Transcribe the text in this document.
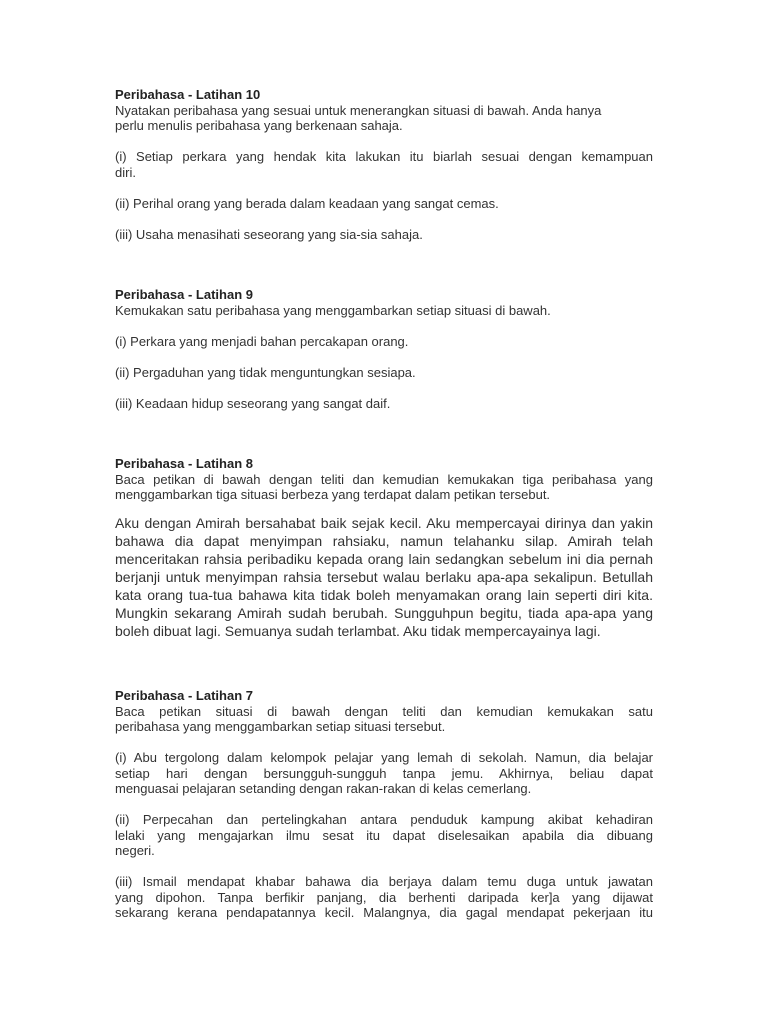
Peribahasa - Latihan 10

Nyatakan peribahasa yang sesuai untuk menerangkan situasi di bawah. Anda hanya

perlu menulis peribahasa yang berkenaan sahaja.

(i) Setiap perkara yang hendak kita lakukan itu biarlah sesuai dengan kemampuan

diri.

(ii) Perihal orang yang berada dalam keadaan yang sangat cemas.

(iii) Usaha menasihati seseorang yang sia-sia sahaja.

Peribahasa - Latihan 9

Kemukakan satu peribahasa yang menggambarkan setiap situasi di bawah.

(i) Perkara yang menjadi bahan percakapan orang.

(ii) Pergaduhan yang tidak menguntungkan sesiapa.

(iii) Keadaan hidup seseorang yang sangat daif.

Peribahasa - Latihan 8

Baca petikan di bawah dengan teliti dan kemudian kemukakan tiga peribahasa yang

menggambarkan tiga situasi berbeza yang terdapat dalam petikan tersebut.

Aku dengan Amirah bersahabat baik sejak kecil. Aku mempercayai dirinya dan yakin

bahawa dia dapat menyimpan rahsiaku, namun telahanku silap. Amirah telah

menceritakan rahsia peribadiku kepada orang lain sedangkan sebelum ini dia pernah

berjanji untuk menyimpan rahsia tersebut walau berlaku apa-apa sekalipun. Betullah

kata orang tua-tua bahawa kita tidak boleh menyamakan orang lain seperti diri kita.

Mungkin sekarang Amirah sudah berubah. Sungguhpun begitu, tiada apa-apa yang

boleh dibuat lagi. Semuanya sudah terlambat. Aku tidak mempercayainya lagi.

Peribahasa - Latihan 7

Baca petikan situasi di bawah dengan teliti dan kemudian kemukakan satu

peribahasa yang menggambarkan setiap situasi tersebut.

(i) Abu tergolong dalam kelompok pelajar yang lemah di sekolah. Namun, dia belajar

setiap hari dengan bersungguh-sungguh tanpa jemu. Akhirnya, beliau dapat

menguasai pelajaran setanding dengan rakan-rakan di kelas cemerlang.

(ii) Perpecahan dan pertelingkahan antara penduduk kampung akibat kehadiran

lelaki yang mengajarkan ilmu sesat itu dapat diselesaikan apabila dia dibuang

negeri.

(iii) Ismail mendapat khabar bahawa dia berjaya dalam temu duga untuk jawatan

yang dipohon. Tanpa berfikir panjang, dia berhenti daripada ker]a yang dijawat

sekarang kerana pendapatannya kecil. Malangnya, dia gagal mendapat pekerjaan itu
